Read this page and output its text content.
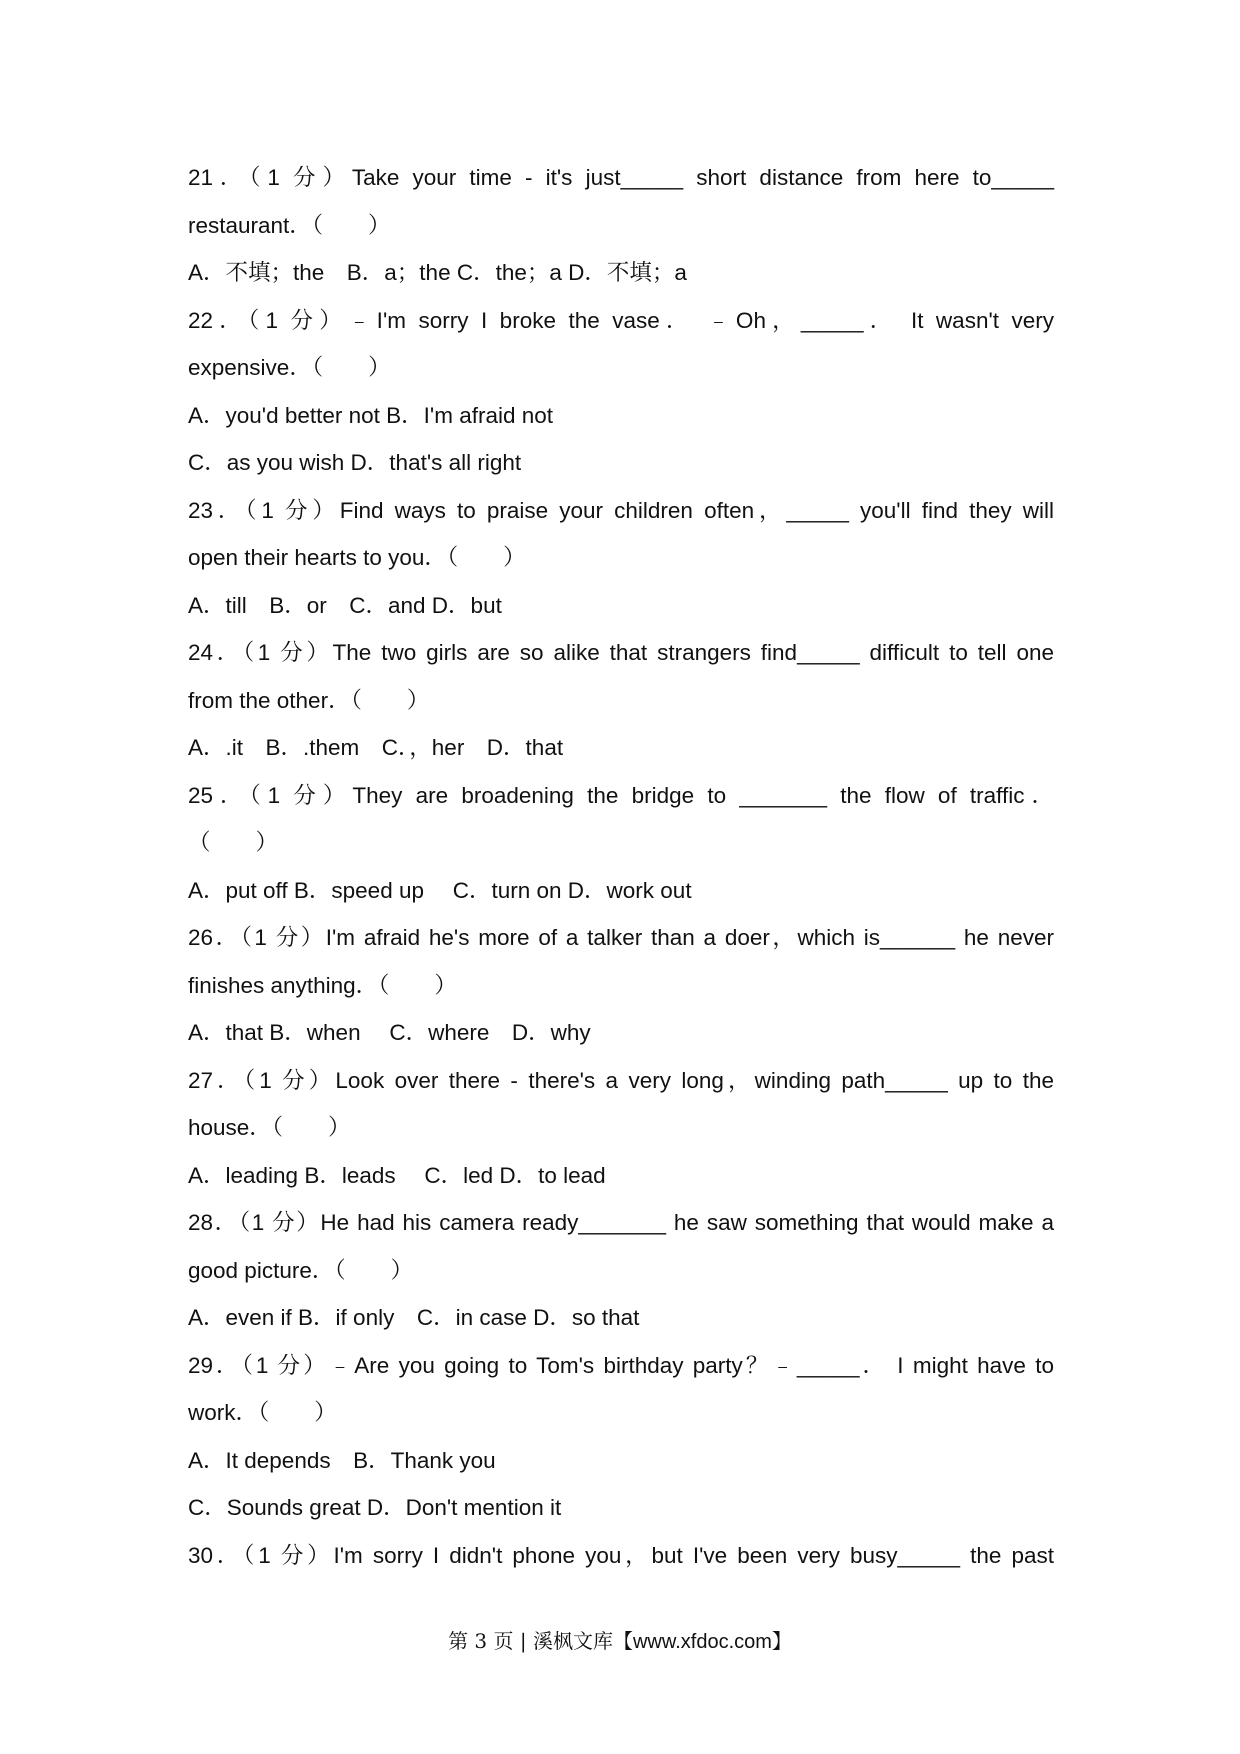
21．（1 分）Take your time - it's just_____ short distance from here to_____
restaurant．（　　）
A．不填；the　B．a；the C．the；a D．不填；a
22．（1 分）﹣I'm sorry I broke the vase． ﹣Oh，_____． It wasn't very
expensive．（　　）
A．you'd better not B．I'm afraid not
C．as you wish D．that's all right
23．（1 分）Find ways to praise your children often，_____ you'll find they will
open their hearts to you．（　　）
A．till　B．or　C．and D．but
24．（1 分）The two girls are so alike that strangers find_____ difficult to tell one
from the other．（　　）
A．.it　B．.them　C．，her　D．that
25．（1 分）They are broadening the bridge to _______ the flow of traffic．
（　　）
A．put off B．speed up　 C．turn on D．work out
26．（1 分）I'm afraid he's more of a talker than a doer，which is______ he never
finishes anything．（　　）
A．that B．when　 C．where　D．why
27．（1 分）Look over there - there's a very long，winding path_____ up to the
house．（　　）
A．leading B．leads　 C．led D．to lead
28．（1 分）He had his camera ready_______ he saw something that would make a
good picture．（　　）
A．even if B．if only　C．in case D．so that
29．（1 分）﹣Are you going to Tom's birthday party？﹣_____． I might have to
work．（　　）
A．It depends　B．Thank you
C．Sounds great D．Don't mention it
30．（1 分）I'm sorry I didn't phone you，but I've been very busy_____ the past
第 3 页 | 溪枫文库【www.xfdoc.com】
